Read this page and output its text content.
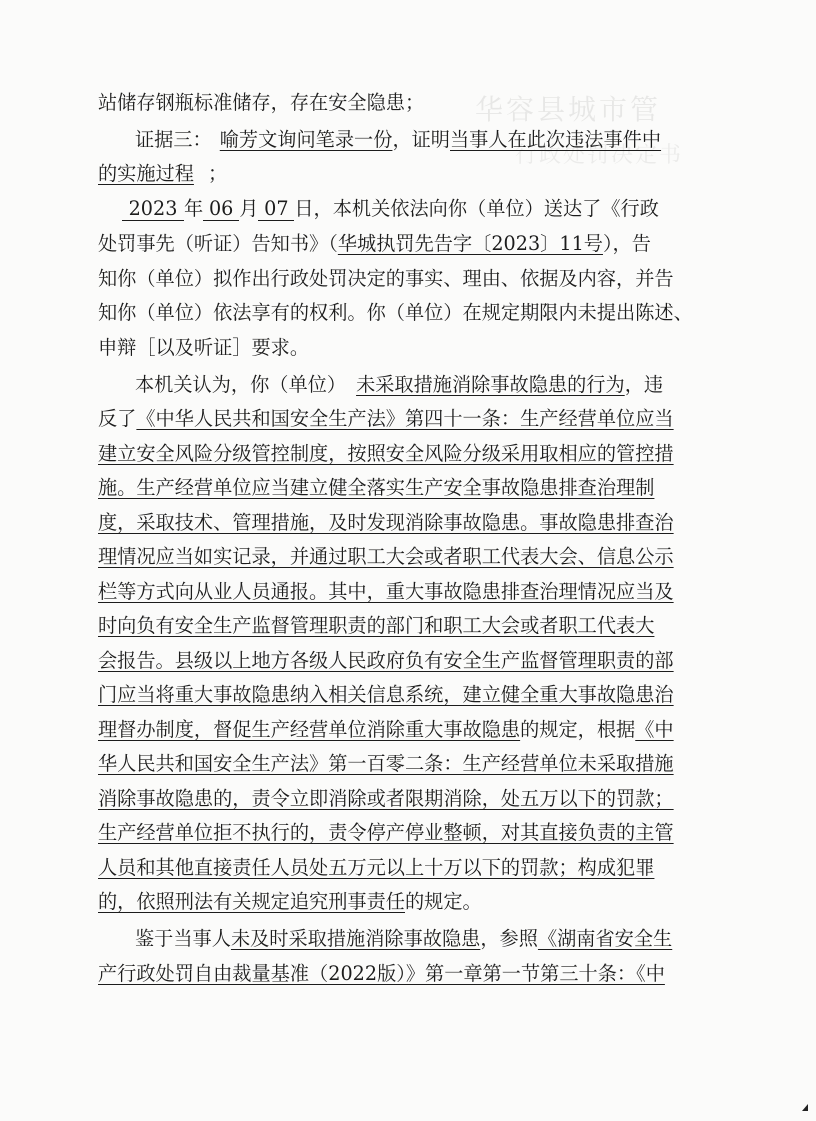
华容县城市管
行政处罚决定书
站储存钢瓶标准储存，存在安全隐患；
证据三： 喻芳文询问笔录一份，证明当事人在此次违法事件中
的实施过程 ；
2023 年 06 月 07 日，本机关依法向你（单位）送达了《行政
处罚事先（听证）告知书》（华城执罚先告字〔2023〕11号），告
知你（单位）拟作出行政处罚决定的事实、理由、依据及内容，并告
知你（单位）依法享有的权利。你（单位）在规定期限内未提出陈述、
申辩［以及听证］要求。
本机关认为，你（单位） 未采取措施消除事故隐患的行为，违
反了《中华人民共和国安全生产法》第四十一条：生产经营单位应当
建立安全风险分级管控制度，按照安全风险分级采用取相应的管控措
施。生产经营单位应当建立健全落实生产安全事故隐患排查治理制
度，采取技术、管理措施，及时发现消除事故隐患。事故隐患排查治
理情况应当如实记录，并通过职工大会或者职工代表大会、信息公示
栏等方式向从业人员通报。其中，重大事故隐患排查治理情况应当及
时向负有安全生产监督管理职责的部门和职工大会或者职工代表大
会报告。县级以上地方各级人民政府负有安全生产监督管理职责的部
门应当将重大事故隐患纳入相关信息系统，建立健全重大事故隐患治
理督办制度，督促生产经营单位消除重大事故隐患的规定，根据《中
华人民共和国安全生产法》第一百零二条：生产经营单位未采取措施
消除事故隐患的，责令立即消除或者限期消除，处五万以下的罚款；
生产经营单位拒不执行的，责令停产停业整顿，对其直接负责的主管
人员和其他直接责任人员处五万元以上十万以下的罚款；构成犯罪
的，依照刑法有关规定追究刑事责任的规定。
鉴于当事人未及时采取措施消除事故隐患，参照《湖南省安全生
产行政处罚自由裁量基准（2022版）》第一章第一节第三十条：《中
